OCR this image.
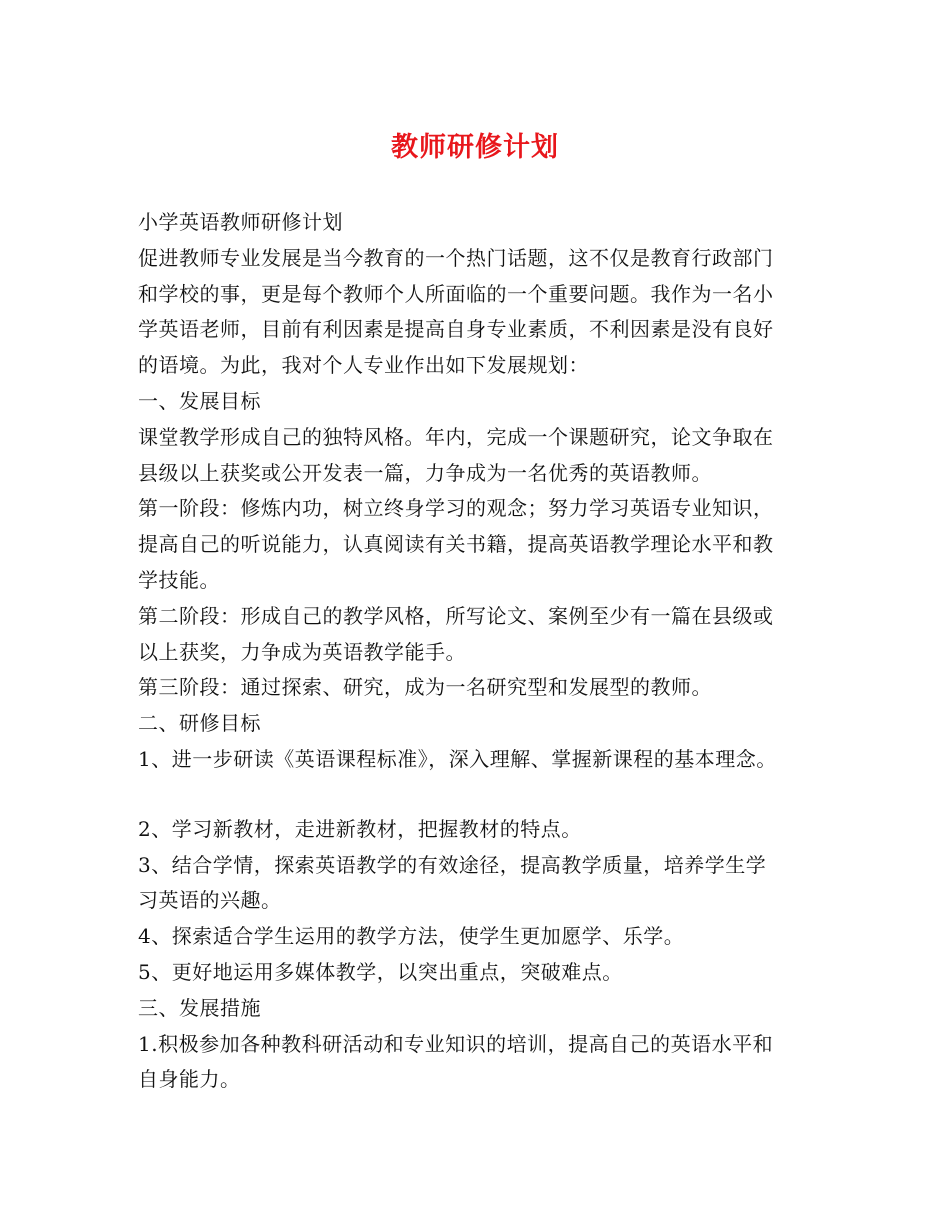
教师研修计划
小学英语教师研修计划
促进教师专业发展是当今教育的一个热门话题，这不仅是教育行政部门
和学校的事，更是每个教师个人所面临的一个重要问题。我作为一名小
学英语老师，目前有利因素是提高自身专业素质，不利因素是没有良好
的语境。为此，我对个人专业作出如下发展规划：
一、发展目标
课堂教学形成自己的独特风格。年内，完成一个课题研究，论文争取在
县级以上获奖或公开发表一篇，力争成为一名优秀的英语教师。
第一阶段：修炼内功，树立终身学习的观念；努力学习英语专业知识，
提高自己的听说能力，认真阅读有关书籍，提高英语教学理论水平和教
学技能。
第二阶段：形成自己的教学风格，所写论文、案例至少有一篇在县级或
以上获奖，力争成为英语教学能手。
第三阶段：通过探索、研究，成为一名研究型和发展型的教师。
二、研修目标
1、进一步研读《英语课程标准》，深入理解、掌握新课程的基本理念。
2、学习新教材，走进新教材，把握教材的特点。
3、结合学情，探索英语教学的有效途径，提高教学质量，培养学生学
习英语的兴趣。
4、探索适合学生运用的教学方法，使学生更加愿学、乐学。
5、更好地运用多媒体教学，以突出重点，突破难点。
三、发展措施
1.积极参加各种教科研活动和专业知识的培训，提高自己的英语水平和
自身能力。
